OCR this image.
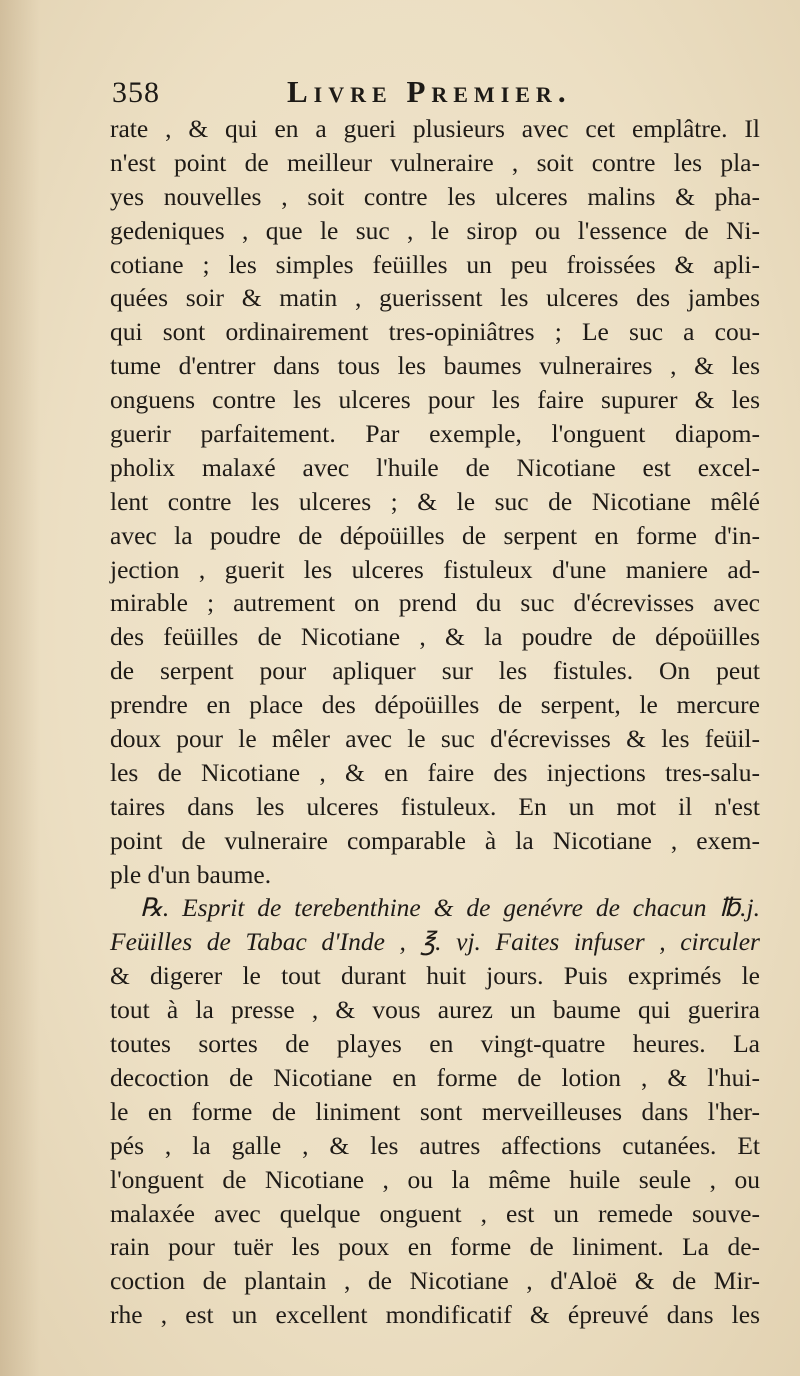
358	Livre Premier.
rate , & qui en a gueri plusieurs avec cet emplâtre. Il
n'est point de meilleur vulneraire , soit contre les pla-
yes nouvelles , soit contre les ulceres malins & pha-
gedeniques , que le suc , le sirop ou l'essence de Ni-
cotiane ; les simples feüilles un peu froissées & apli-
quées soir & matin , guerissent les ulceres des jambes
qui sont ordinairement tres-opiniâtres ; Le suc a cou-
tume d'entrer dans tous les baumes vulneraires , & les
onguens contre les ulceres pour les faire supurer & les
guerir parfaitement. Par exemple, l'onguent diapom-
pholix malaxé avec l'huile de Nicotiane est excel-
lent contre les ulceres ; & le suc de Nicotiane mêlé
avec la poudre de dépoüilles de serpent en forme d'in-
jection , guerit les ulceres fistuleux d'une maniere ad-
mirable ; autrement on prend du suc d'écrevisses avec
des feüilles de Nicotiane , & la poudre de dépoüilles
de serpent pour apliquer sur les fistules. On peut
prendre en place des dépoüilles de serpent, le mercure
doux pour le mêler avec le suc d'écrevisses & les feüil-
les de Nicotiane , & en faire des injections tres-salu-
taires dans les ulceres fistuleux. En un mot il n'est
point de vulneraire comparable à la Nicotiane , exem-
ple d'un baume.
℞. Esprit de terebenthine & de genévre de chacun ℔.j.
Feüilles de Tabac d'Inde , ℥. vj. Faites infuser , circuler
& digerer le tout durant huit jours. Puis exprimés le
tout à la presse , & vous aurez un baume qui guerira
toutes sortes de playes en vingt-quatre heures. La
decoction de Nicotiane en forme de lotion , & l'hui-
le en forme de liniment sont merveilleuses dans l'her-
pés , la galle , & les autres affections cutanées. Et
l'onguent de Nicotiane , ou la même huile seule , ou
malaxée avec quelque onguent , est un remede souve-
rain pour tuër les poux en forme de liniment. La de-
coction de plantain , de Nicotiane , d'Aloë & de Mir-
rhe , est un excellent mondificatif & épreuvé dans les
